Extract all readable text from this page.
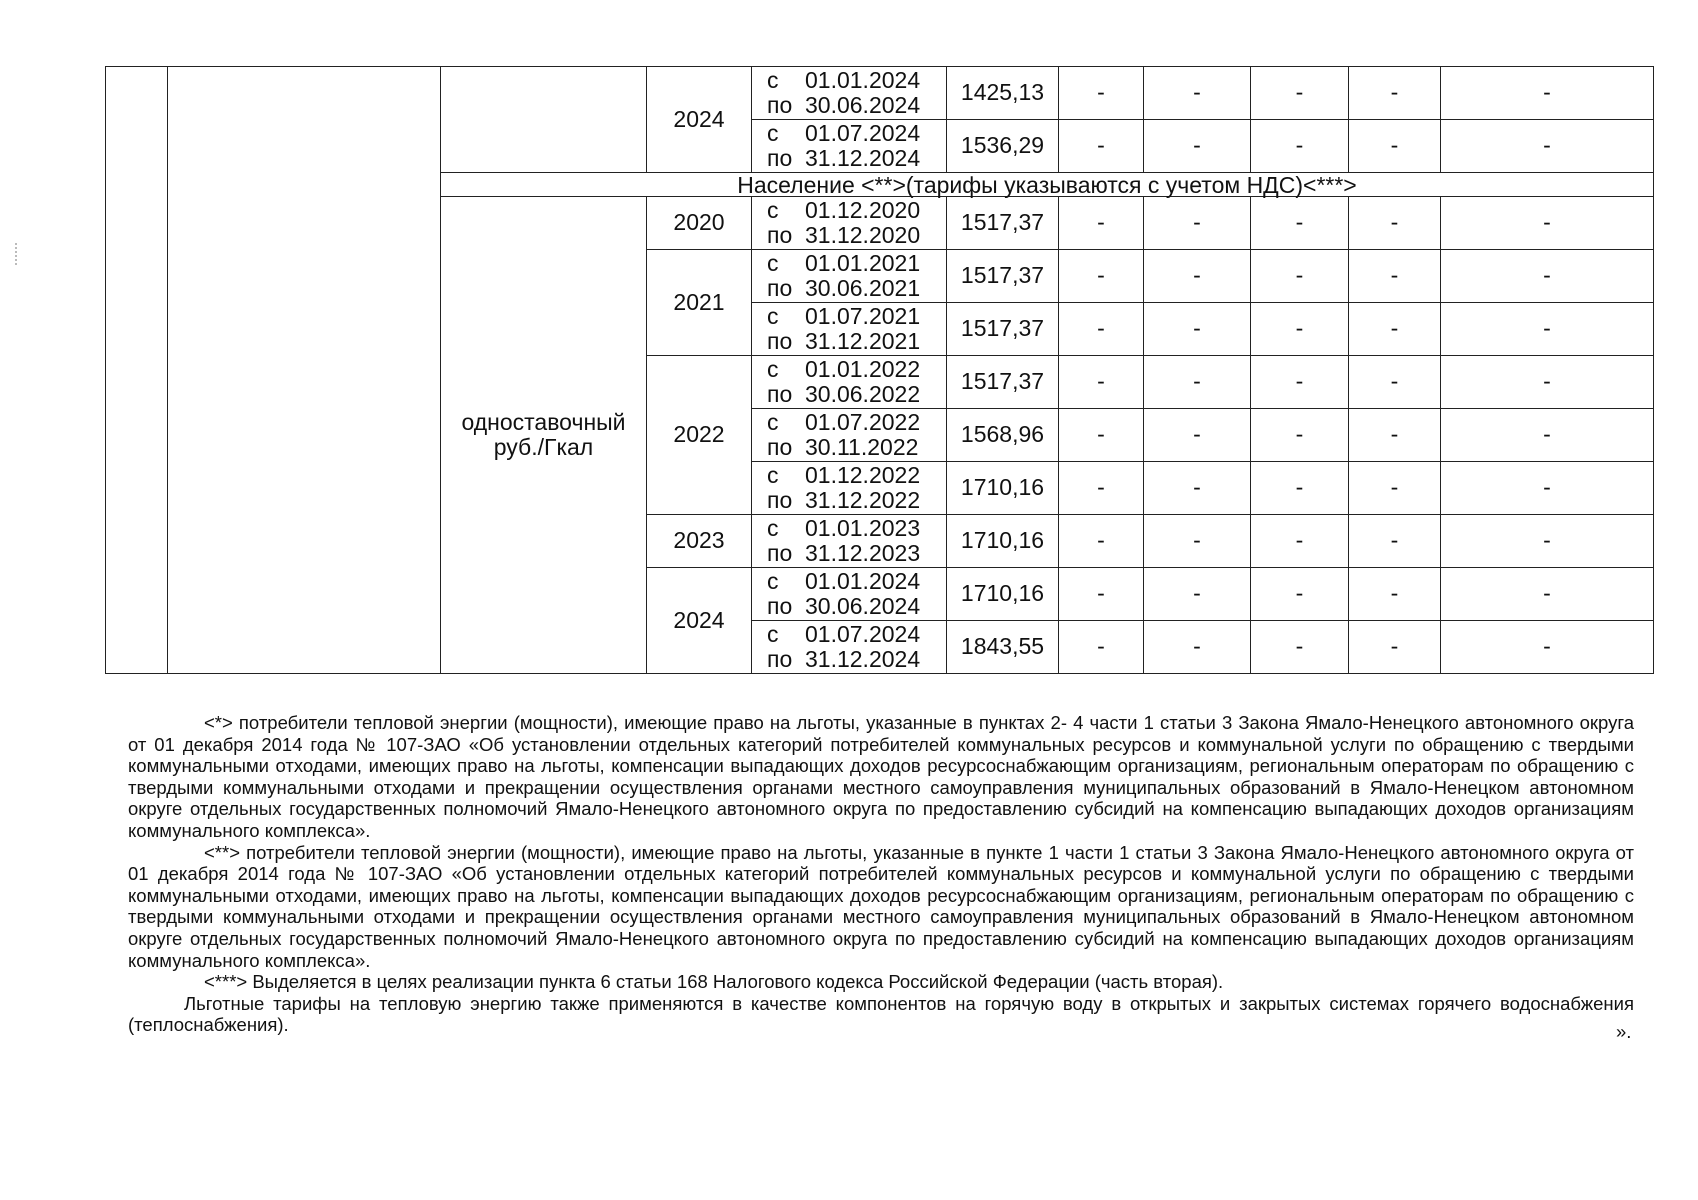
			2024	с 01.01.2024
по 30.06.2024	1425,13	-	-	-	-	-

				с 01.07.2024
по 31.12.2024	1536,29	-	-	-	-	-
		Население <**>(тарифы указываются с учетом НДС)<***>								

		одноставочный
руб./Гкал	2020	с 01.12.2020
по 31.12.2020	1517,37	-	-	-	-	-
			2021	с 01.01.2021
по 30.06.2021	1517,37	-	-	-	-	-

				с 01.07.2021
по 31.12.2021	1517,37	-	-	-	-	-
			2022	с 01.01.2022
по 30.06.2022	1517,37	-	-	-	-	-

				с 01.07.2022
по 30.11.2022	1568,96	-	-	-	-	-

				с 01.12.2022
по 31.12.2022	1710,16	-	-	-	-	-
			2023	с 01.01.2023
по 31.12.2023	1710,16	-	-	-	-	-
			2024	с 01.01.2024
по 30.06.2024	1710,16	-	-	-	-	-

				с 01.07.2024
по 31.12.2024	1843,55	-	-	-	-	-

<*> потребители тепловой энергии (мощности), имеющие право на льготы, указанные в пунктах 2- 4 части 1 статьи 3 Закона Ямало-Ненецкого автономного округа от 01 декабря 2014 года № 107-ЗАО «Об установлении отдельных категорий потребителей коммунальных ресурсов и коммунальной услуги по обращению с твердыми коммунальными отходами, имеющих право на льготы, компенсации выпадающих доходов ресурсоснабжающим организациям, региональным операторам по обращению с твердыми коммунальными отходами и прекращении осуществления органами местного самоуправления муниципальных образований в Ямало-Ненецком автономном округе отдельных государственных полномочий Ямало-Ненецкого автономного округа по предоставлению субсидий на компенсацию выпадающих доходов организациям коммунального комплекса».

<**> потребители тепловой энергии (мощности), имеющие право на льготы, указанные в пункте 1 части 1 статьи 3 Закона Ямало-Ненецкого автономного округа от 01 декабря 2014 года № 107-ЗАО «Об установлении отдельных категорий потребителей коммунальных ресурсов и коммунальной услуги по обращению с твердыми коммунальными отходами, имеющих право на льготы, компенсации выпадающих доходов ресурсоснабжающим организациям, региональным операторам по обращению с твердыми коммунальными отходами и прекращении осуществления органами местного самоуправления муниципальных образований в Ямало-Ненецком автономном округе отдельных государственных полномочий Ямало-Ненецкого автономного округа по предоставлению субсидий на компенсацию выпадающих доходов организациям коммунального комплекса».

<***> Выделяется в целях реализации пункта 6 статьи 168 Налогового кодекса Российской Федерации (часть вторая).

Льготные тарифы на тепловую энергию также применяются в качестве компонентов на горячую воду в открытых и закрытых системах горячего водоснабжения (теплоснабжения).	».
